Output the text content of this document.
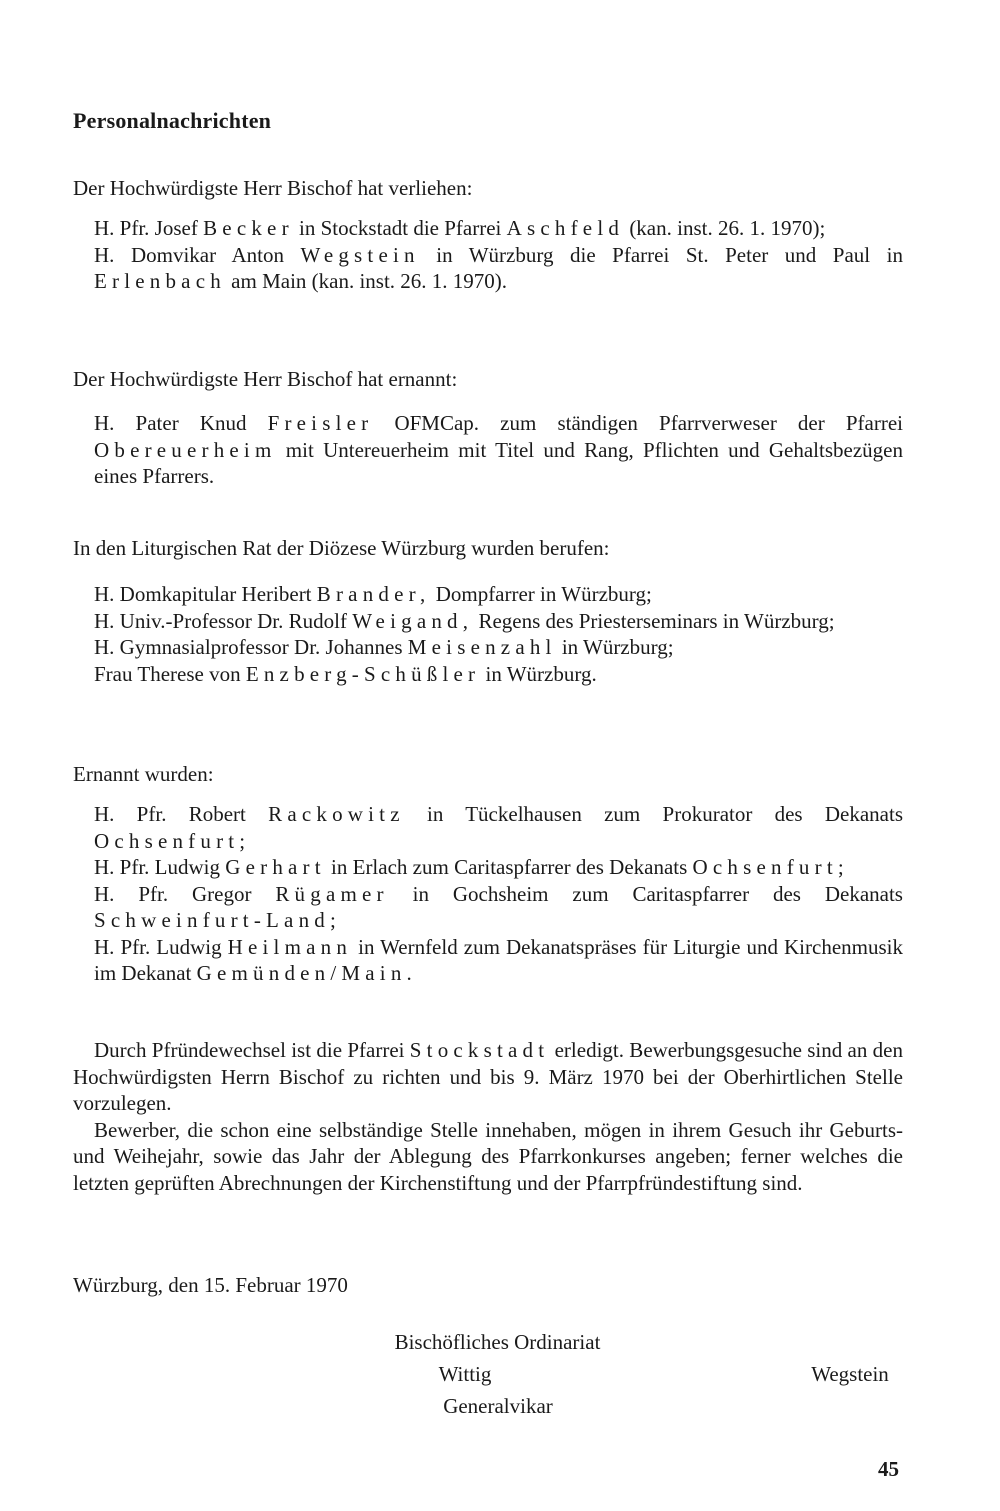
Personalnachrichten
Der Hochwürdigste Herr Bischof hat verliehen:

H. Pfr. Josef Becker in Stockstadt die Pfarrei Aschfeld (kan. inst. 26. 1. 1970);

H. Domvikar Anton Wegstein in Würzburg die Pfarrei St. Peter und Paul in Erlenbach am Main (kan. inst. 26. 1. 1970).

Der Hochwürdigste Herr Bischof hat ernannt:

H. Pater Knud Freisler OFMCap. zum ständigen Pfarrverweser der Pfarrei Obereuerheim mit Untereuerheim mit Titel und Rang, Pflichten und Gehaltsbezügen eines Pfarrers.

In den Liturgischen Rat der Diözese Würzburg wurden berufen:

H. Domkapitular Heribert Brander, Dompfarrer in Würzburg;

H. Univ.-Professor Dr. Rudolf Weigand, Regens des Priesterseminars in Würzburg;

H. Gymnasialprofessor Dr. Johannes Meisenzahl in Würzburg;

Frau Therese von Enzberg-Schüßler in Würzburg.

Ernannt wurden:

H. Pfr. Robert Rackowitz in Tückelhausen zum Prokurator des Dekanats Ochsenfurt;

H. Pfr. Ludwig Gerhart in Erlach zum Caritaspfarrer des Dekanats Ochsenfurt;

H. Pfr. Gregor Rügamer in Gochsheim zum Caritaspfarrer des Dekanats Schweinfurt-Land;

H. Pfr. Ludwig Heilmann in Wernfeld zum Dekanatspräses für Liturgie und Kirchenmusik im Dekanat Gemünden/Main.

Durch Pfründewechsel ist die Pfarrei Stockstadt erledigt. Bewerbungsgesuche sind an den Hochwürdigsten Herrn Bischof zu richten und bis 9. März 1970 bei der Oberhirtlichen Stelle vorzulegen.

Bewerber, die schon eine selbständige Stelle innehaben, mögen in ihrem Gesuch ihr Geburts- und Weihejahr, sowie das Jahr der Ablegung des Pfarrkonkurses angeben; ferner welches die letzten geprüften Abrechnungen der Kirchenstiftung und der Pfarrpfründestiftung sind.

Würzburg, den 15. Februar 1970
Bischöfliches Ordinariat
Wittig	Wegstein
Generalvikar
45
